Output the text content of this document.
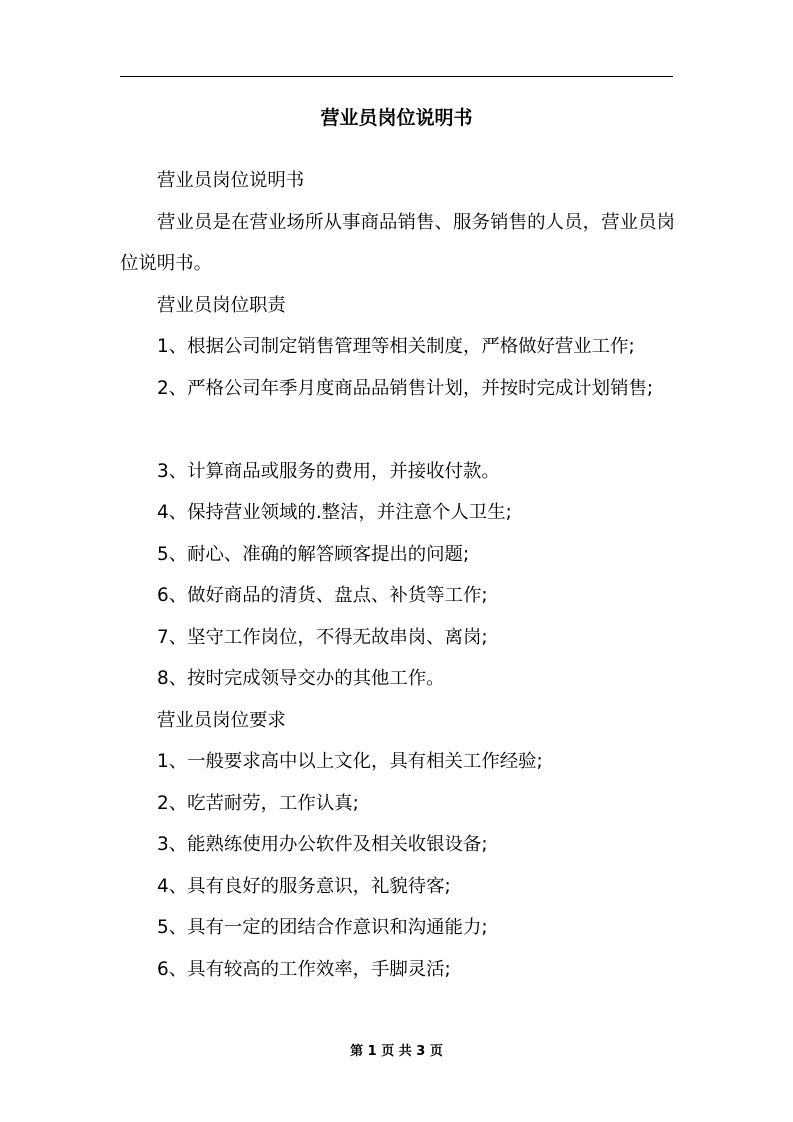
营业员岗位说明书

营业员岗位说明书

营业员是在营业场所从事商品销售、服务销售的人员，营业员岗位说明书。

营业员岗位职责

1、根据公司制定销售管理等相关制度，严格做好营业工作;

2、严格公司年季月度商品品销售计划，并按时完成计划销售;

3、计算商品或服务的费用，并接收付款。

4、保持营业领域的.整洁，并注意个人卫生;

5、耐心、准确的解答顾客提出的问题;

6、做好商品的清货、盘点、补货等工作;

7、坚守工作岗位，不得无故串岗、离岗;

8、按时完成领导交办的其他工作。

营业员岗位要求

1、一般要求高中以上文化，具有相关工作经验;

2、吃苦耐劳，工作认真;

3、能熟练使用办公软件及相关收银设备;

4、具有良好的服务意识，礼貌待客;

5、具有一定的团结合作意识和沟通能力;

6、具有较高的工作效率，手脚灵活;

第 1 页 共 3 页
